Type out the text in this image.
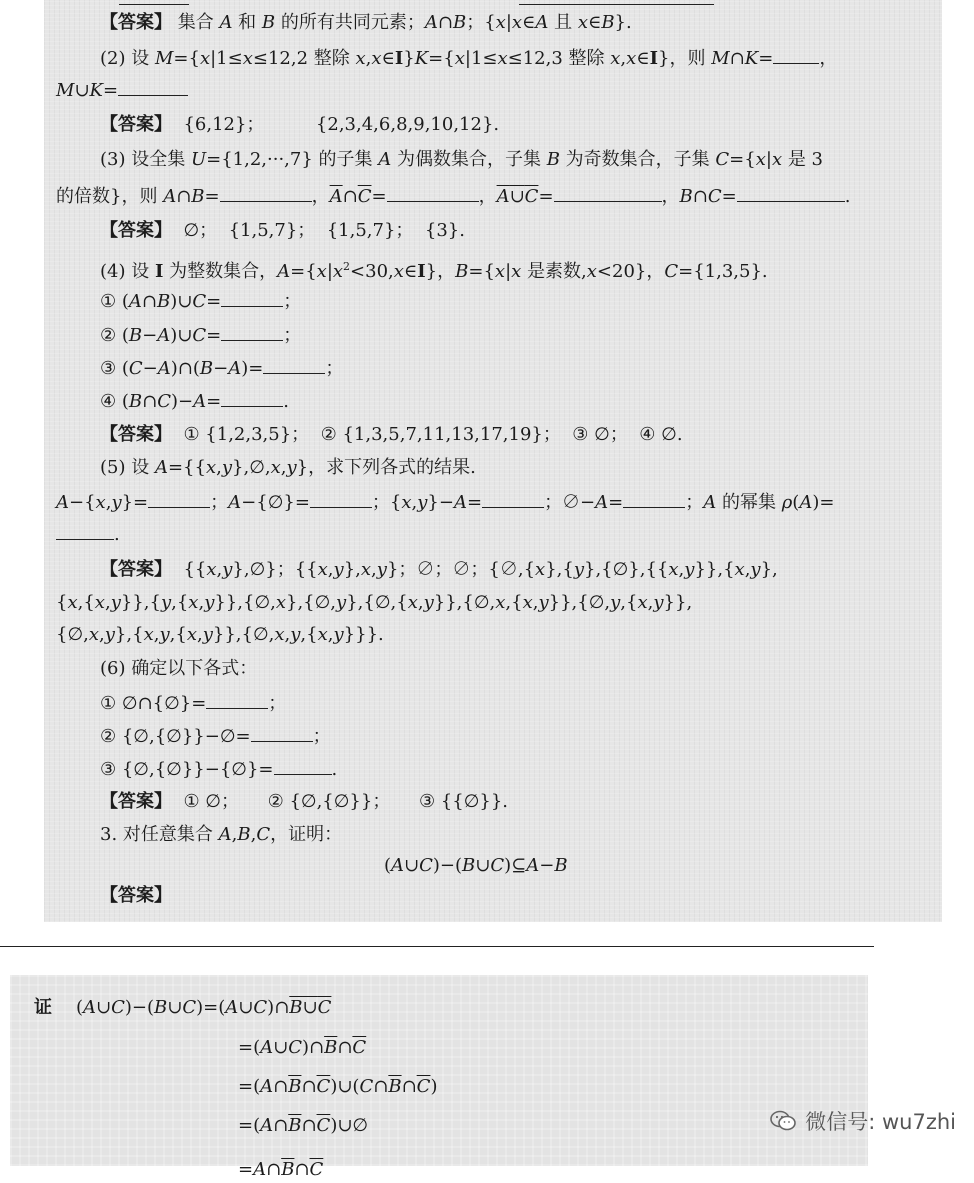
【答案】 集合 A 和 B 的所有共同元素；A∩B；{x|x∈A 且 x∈B}.
(2) 设 M={x|1≤x≤12,2 整除 x,x∈I}K={x|1≤x≤12,3 整除 x,x∈I}，则 M∩K=	，
M∪K=
【答案】  {6,12}；         {2,3,4,6,8,9,10,12}.
(3) 设全集 U={1,2,···,7} 的子集 A 为偶数集合，子集 B 为奇数集合，子集 C={x|x 是 3
的倍数}，则 A∩B=	，$\overline{A}\cap\overline{C}=$	，A∪C=	，B∩C=	.
【答案】  ∅；  {1,5,7}；  {1,5,7}；  {3}.
(4) 设 I 为整数集合，$A=\{x|x^2<30,x\in I\}$，B={x|x 是素数,x<20}，C={1,3,5}.
① (A∩B)∪C=	；
② (B−A)∪C=	；
③ (C−A)∩(B−A)=	；
④ (B∩C)−A=	.
【答案】  ① {1,2,3,5}；  ② {1,3,5,7,11,13,17,19}；  ③ ∅；  ④ ∅.
(5) 设 A={{x,y},∅,x,y}，求下列各式的结果.
A−{x,y}=	；A−{∅}=	；{x,y}−A=	；∅−A=	；A 的幂集 ρ(A)=
.
【答案】  {{x,y},∅}；{{x,y},x,y}；∅；∅；{∅,{x},{y},{∅},{{x,y}},{x,y},
{x,{x,y}},{y,{x,y}},{∅,x},{∅,y},{∅,{x,y}},{∅,x,{x,y}},{∅,y,{x,y}},
{∅,x,y},{x,y,{x,y}},{∅,x,y,{x,y}}}.
(6) 确定以下各式：
① ∅∩{∅}=	；
② {∅,{∅}}−∅=	；
③ {∅,{∅}}−{∅}=	.
【答案】  ① ∅；     ② {∅,{∅}}；     ③ {{∅}}.
3. 对任意集合 A,B,C，证明：
(A∪C)−(B∪C)⊆A−B
【答案】
证 (A∪C)−(B∪C)=(A∪C)∩B∪C
$=(A\cup C)\cap\overline{B}\cap\overline{C}$
$=(A\cap\overline{B}\cap\overline{C})\cup(C\cap\overline{B}\cap\overline{C})$
$=(A\cap\overline{B}\cap\overline{C})\cup\emptyset$
$=A\cap\overline{B}\cap\overline{C}$
微信号: wu7zhi
